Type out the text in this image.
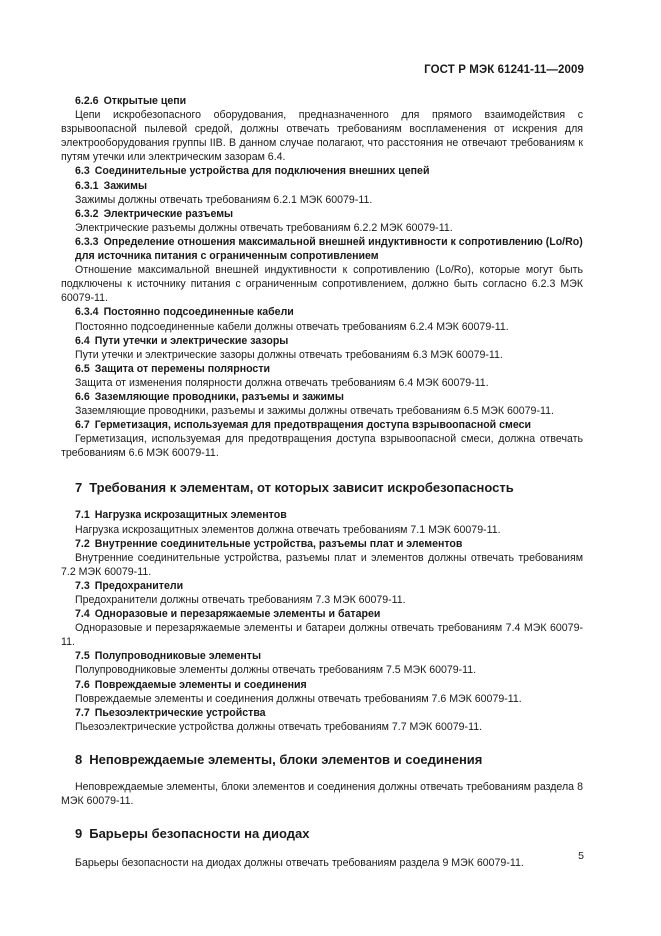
ГОСТ Р МЭК 61241-11—2009
6.2.6 Открытые цепи
Цепи искробезопасного оборудования, предназначенного для прямого взаимодействия с взрывоопасной пылевой средой, должны отвечать требованиям воспламенения от искрения для электрооборудования группы IIB. В данном случае полагают, что расстояния не отвечают требованиям к путям утечки или электрическим зазорам 6.4.
6.3 Соединительные устройства для подключения внешних цепей
6.3.1 Зажимы
Зажимы должны отвечать требованиям 6.2.1 МЭК 60079-11.
6.3.2 Электрические разъемы
Электрические разъемы должны отвечать требованиям 6.2.2 МЭК 60079-11.
6.3.3 Определение отношения максимальной внешней индуктивности к сопротивлению (Lo/Ro) для источника питания с ограниченным сопротивлением
Отношение максимальной внешней индуктивности к сопротивлению (Lo/Ro), которые могут быть подключены к источнику питания с ограниченным сопротивлением, должно быть согласно 6.2.3 МЭК 60079-11.
6.3.4 Постоянно подсоединенные кабели
Постоянно подсоединенные кабели должны отвечать требованиям 6.2.4 МЭК 60079-11.
6.4 Пути утечки и электрические зазоры
Пути утечки и электрические зазоры должны отвечать требованиям 6.3 МЭК 60079-11.
6.5 Защита от перемены полярности
Защита от изменения полярности должна отвечать требованиям 6.4 МЭК 60079-11.
6.6 Заземляющие проводники, разъемы и зажимы
Заземляющие проводники, разъемы и зажимы должны отвечать требованиям 6.5 МЭК 60079-11.
6.7 Герметизация, используемая для предотвращения доступа взрывоопасной смеси
Герметизация, используемая для предотвращения доступа взрывоопасной смеси, должна отвечать требованиям 6.6 МЭК 60079-11.
7 Требования к элементам, от которых зависит искробезопасность
7.1 Нагрузка искрозащитных элементов
Нагрузка искрозащитных элементов должна отвечать требованиям 7.1 МЭК 60079-11.
7.2 Внутренние соединительные устройства, разъемы плат и элементов
Внутренние соединительные устройства, разъемы плат и элементов должны отвечать требованиям 7.2 МЭК 60079-11.
7.3 Предохранители
Предохранители должны отвечать требованиям 7.3 МЭК 60079-11.
7.4 Одноразовые и перезаряжаемые элементы и батареи
Одноразовые и перезаряжаемые элементы и батареи должны отвечать требованиям 7.4 МЭК 60079-11.
7.5 Полупроводниковые элементы
Полупроводниковые элементы должны отвечать требованиям 7.5 МЭК 60079-11.
7.6 Повреждаемые элементы и соединения
Повреждаемые элементы и соединения должны отвечать требованиям 7.6 МЭК 60079-11.
7.7 Пьезоэлектрические устройства
Пьезоэлектрические устройства должны отвечать требованиям 7.7 МЭК 60079-11.
8 Неповреждаемые элементы, блоки элементов и соединения
Неповреждаемые элементы, блоки элементов и соединения должны отвечать требованиям раздела 8 МЭК 60079-11.
9 Барьеры безопасности на диодах
Барьеры безопасности на диодах должны отвечать требованиям раздела 9 МЭК 60079-11.
5
